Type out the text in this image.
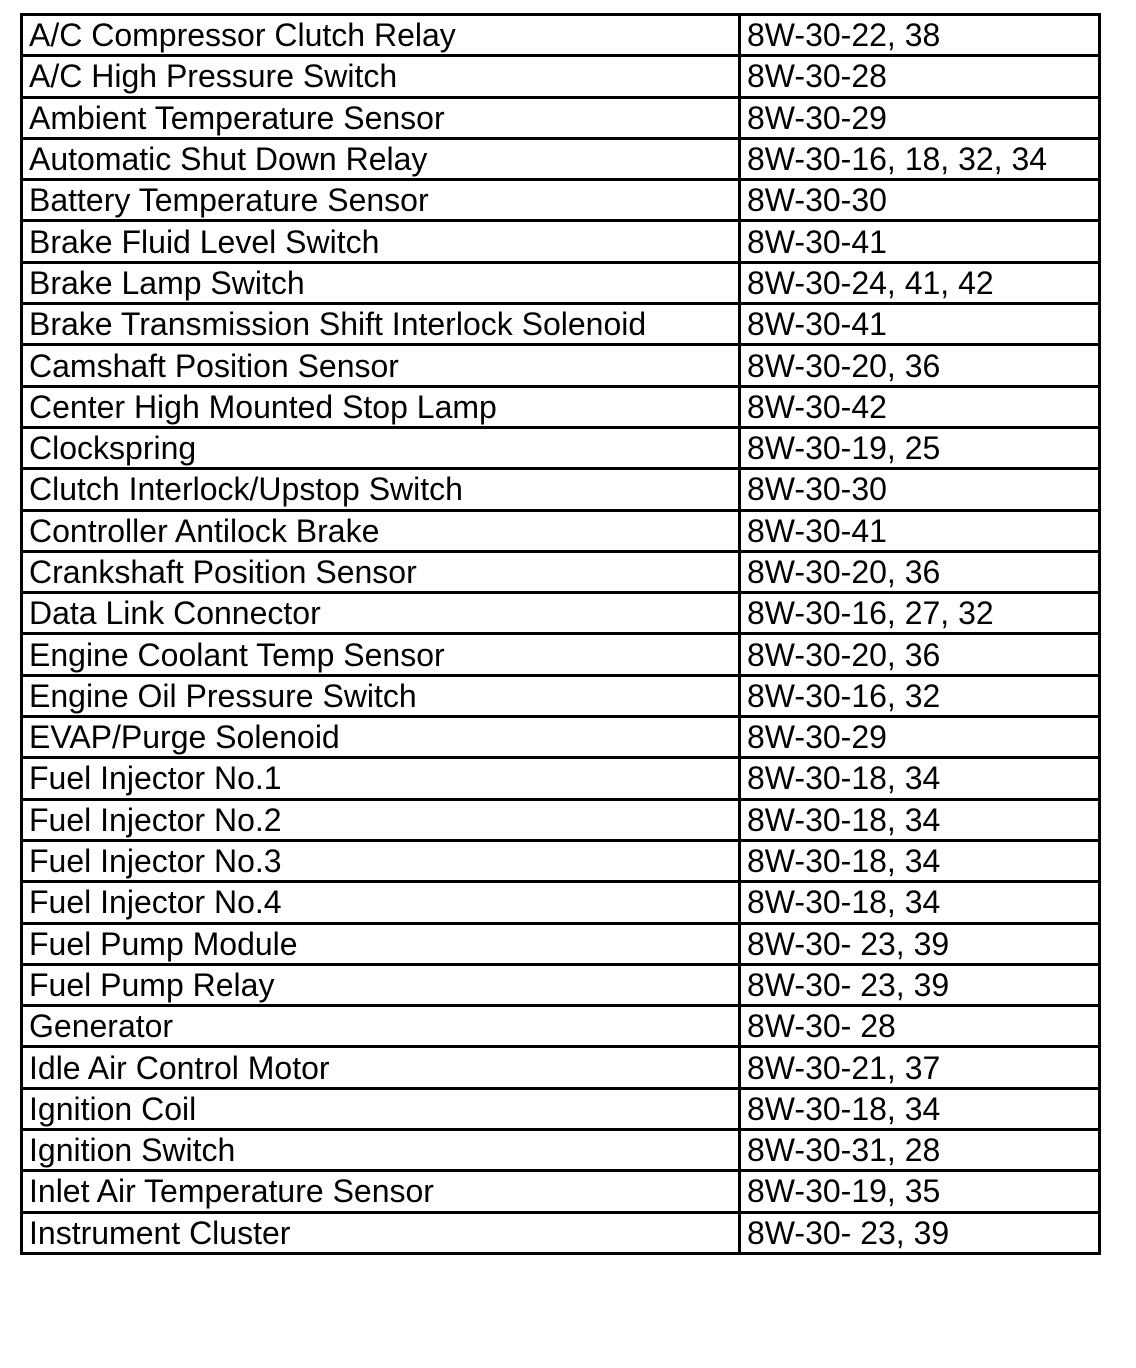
A/C Compressor Clutch Relay	8W-30-22, 38
A/C High Pressure Switch	8W-30-28
Ambient Temperature Sensor	8W-30-29
Automatic Shut Down Relay	8W-30-16, 18, 32, 34
Battery Temperature Sensor	8W-30-30
Brake Fluid Level Switch	8W-30-41
Brake Lamp Switch	8W-30-24, 41, 42
Brake Transmission Shift Interlock Solenoid	8W-30-41
Camshaft Position Sensor	8W-30-20, 36
Center High Mounted Stop Lamp	8W-30-42
Clockspring	8W-30-19, 25
Clutch Interlock/Upstop Switch	8W-30-30
Controller Antilock Brake	8W-30-41
Crankshaft Position Sensor	8W-30-20, 36
Data Link Connector	8W-30-16, 27, 32
Engine Coolant Temp Sensor	8W-30-20, 36
Engine Oil Pressure Switch	8W-30-16, 32
EVAP/Purge Solenoid	8W-30-29
Fuel Injector No.1	8W-30-18, 34
Fuel Injector No.2	8W-30-18, 34
Fuel Injector No.3	8W-30-18, 34
Fuel Injector No.4	8W-30-18, 34
Fuel Pump Module	8W-30- 23, 39
Fuel Pump Relay	8W-30- 23, 39
Generator	8W-30- 28
Idle Air Control Motor	8W-30-21, 37
Ignition Coil	8W-30-18, 34
Ignition Switch	8W-30-31, 28
Inlet Air Temperature Sensor	8W-30-19, 35
Instrument Cluster	8W-30- 23, 39
